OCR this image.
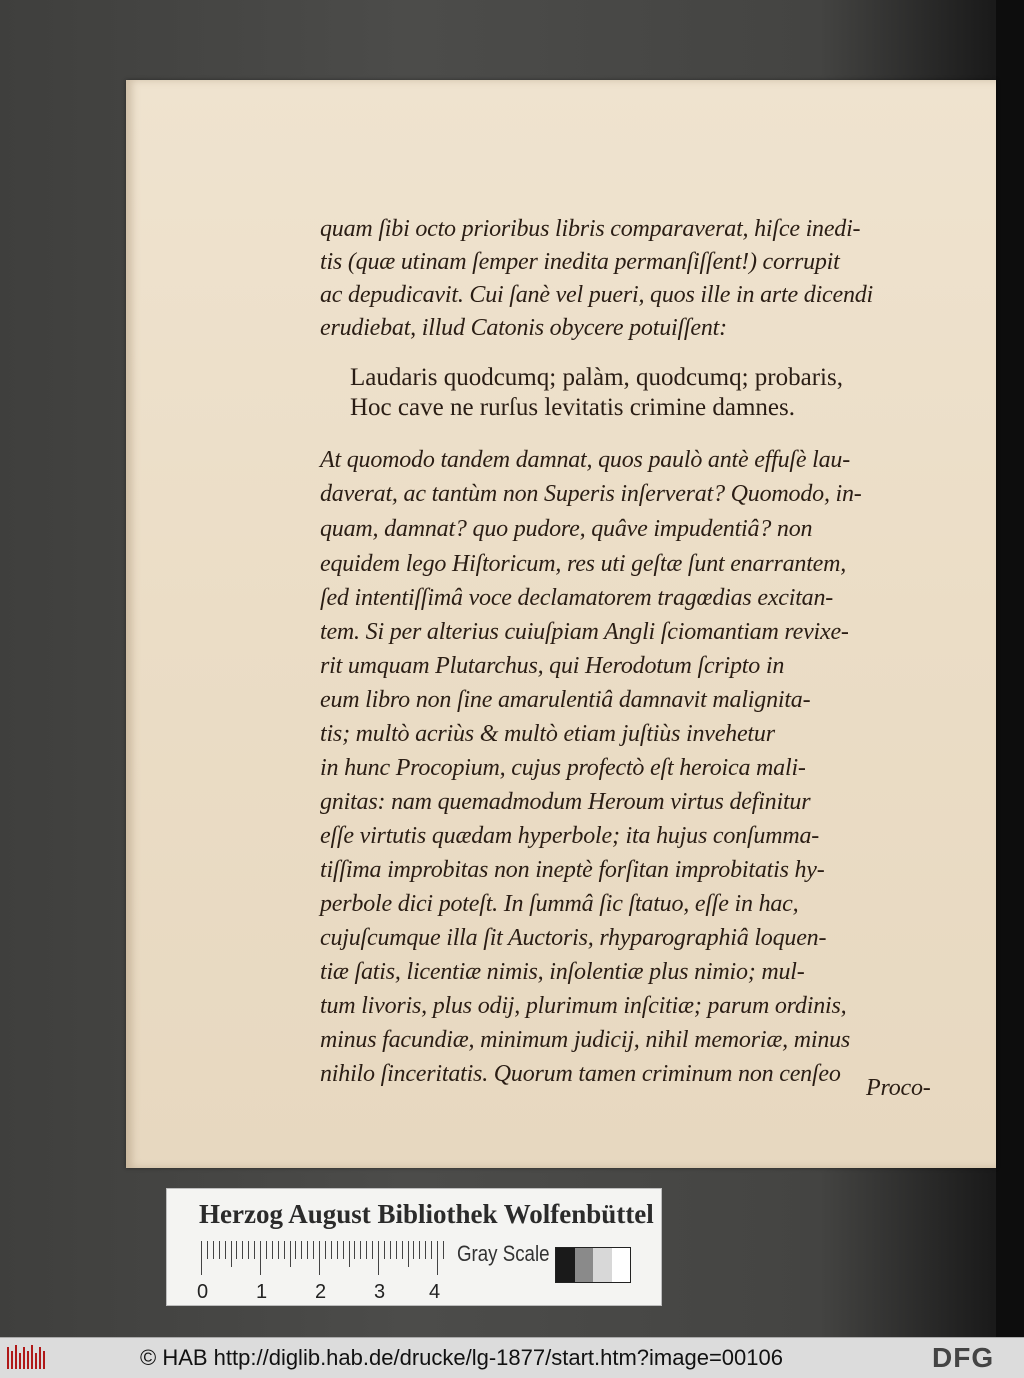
quam ſibi octo prioribus libris comparaverat, hiſce inedi-
tis (quæ utinam ſemper inedita permanſiſſent!) corrupit
ac depudicavit. Cui ſanè vel pueri, quos ille in arte dicendi
erudiebat, illud Catonis obycere potuiſſent:
Laudaris quodcumq; palàm, quodcumq; probaris,
Hoc cave ne rurſus levitatis crimine damnes.
At quomodo tandem damnat, quos paulò antè effuſè lau-
daverat, ac tantùm non Superis inſerverat? Quomodo, in-
quam, damnat? quo pudore, quâve impudentiâ? non
equidem lego Hiſtoricum, res uti geſtæ ſunt enarrantem,
ſed intentiſſimâ voce declamatorem tragœdias excitan-
tem. Si per alterius cuiuſpiam Angli ſciomantiam revixe-
rit umquam Plutarchus, qui Herodotum ſcripto in
eum libro non ſine amarulentiâ damnavit malignita-
tis; multò acriùs & multò etiam juſtiùs invehetur
in hunc Procopium, cujus profectò eſt heroica mali-
gnitas: nam quemadmodum Heroum virtus definitur
eſſe virtutis quædam hyperbole; ita hujus conſumma-
tiſſima improbitas non ineptè forſitan improbitatis hy-
perbole dici poteſt. In ſummâ ſic ſtatuo, eſſe in hac,
cujuſcumque illa ſit Auctoris, rhyparographiâ loquen-
tiæ ſatis, licentiæ nimis, inſolentiæ plus nimio; mul-
tum livoris, plus odij, plurimum inſcitiæ; parum ordinis,
minus facundiæ, minimum judicij, nihil memoriæ, minus
nihilo ſinceritatis. Quorum tamen criminum non cenſeo
Proco-
Herzog August Bibliothek Wolfenbüttel
0 1 2 3 4
Gray Scale
© HAB http://diglib.hab.de/drucke/lg-1877/start.htm?image=00106	DFG
